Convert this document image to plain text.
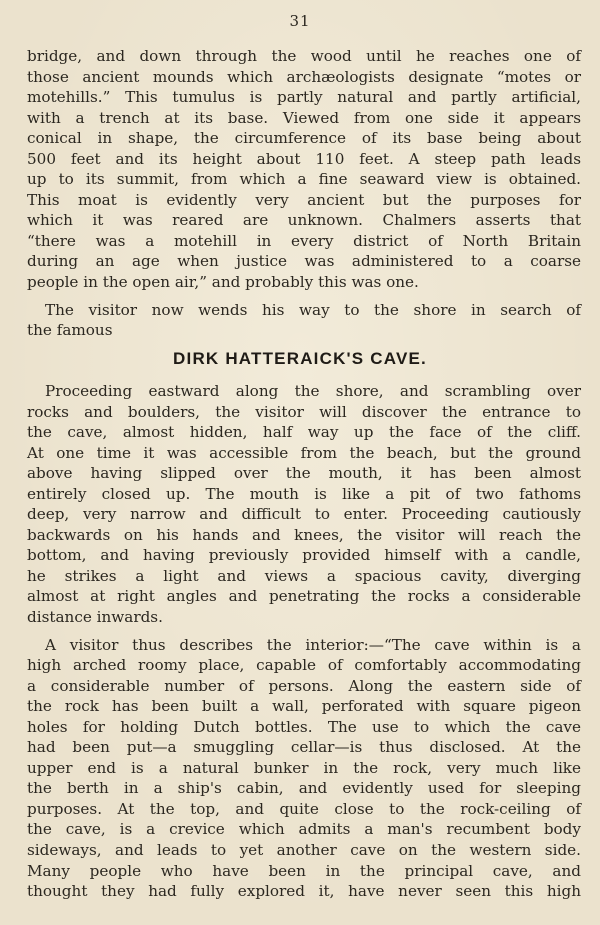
31
bridge, and down through the wood until he reaches one of
those ancient mounds which archæologists designate “motes or
motehills.” This tumulus is partly natural and partly artificial,
with a trench at its base. Viewed from one side it appears
conical in shape, the circumference of its base being about
500 feet and its height about 110 feet. A steep path leads
up to its summit, from which a fine seaward view is obtained.
This moat is evidently very ancient but the purposes for
which it was reared are unknown. Chalmers asserts that
“there was a motehill in every district of North Britain
during an age when justice was administered to a coarse
people in the open air,” and probably this was one.
The visitor now wends his way to the shore in search of
the famous
DIRK HATTERAICK'S CAVE.
Proceeding eastward along the shore, and scrambling over
rocks and boulders, the visitor will discover the entrance to
the cave, almost hidden, half way up the face of the cliff.
At one time it was accessible from the beach, but the ground
above having slipped over the mouth, it has been almost
entirely closed up. The mouth is like a pit of two fathoms
deep, very narrow and difficult to enter. Proceeding cautiously
backwards on his hands and knees, the visitor will reach the
bottom, and having previously provided himself with a candle,
he strikes a light and views a spacious cavity, diverging
almost at right angles and penetrating the rocks a considerable
distance inwards.
A visitor thus describes the interior:—“The cave within is a
high arched roomy place, capable of comfortably accommodating
a considerable number of persons. Along the eastern side of
the rock has been built a wall, perforated with square pigeon
holes for holding Dutch bottles. The use to which the cave
had been put—a smuggling cellar—is thus disclosed. At the
upper end is a natural bunker in the rock, very much like
the berth in a ship's cabin, and evidently used for sleeping
purposes. At the top, and quite close to the rock-ceiling of
the cave, is a crevice which admits a man's recumbent body
sideways, and leads to yet another cave on the western side.
Many people who have been in the principal cave, and
thought they had fully explored it, have never seen this high
